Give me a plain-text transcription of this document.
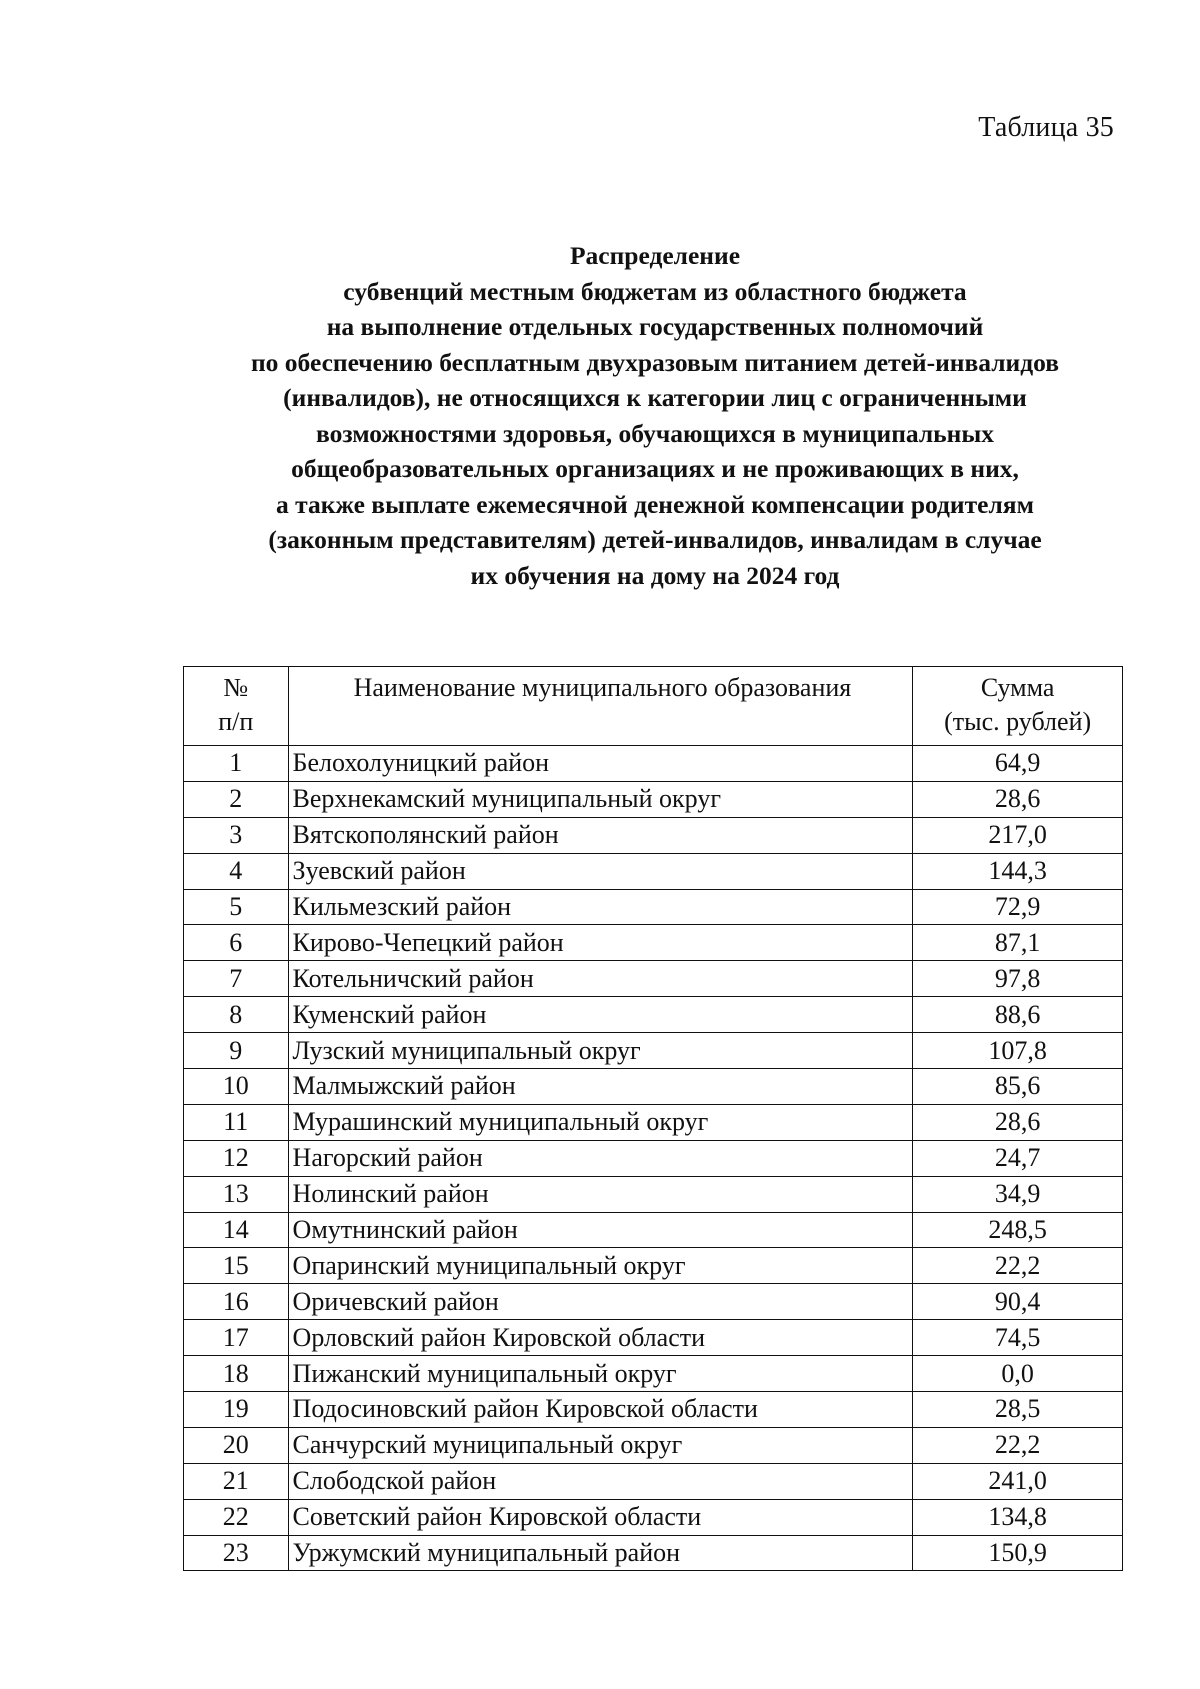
Таблица 35
Распределение
субвенций местным бюджетам из областного бюджета
на выполнение отдельных государственных полномочий
по обеспечению бесплатным двухразовым питанием детей-инвалидов
(инвалидов), не относящихся к категории лиц с ограниченными
возможностями здоровья, обучающихся в муниципальных
общеобразовательных организациях и не проживающих в них,
а также выплате ежемесячной денежной компенсации родителям
(законным представителям) детей-инвалидов, инвалидам в случае
их обучения на дому на 2024 год
№
п/п	Наименование муниципального образования	Сумма
(тыс. рублей)

1	Белохолуницкий район	64,9
2	Верхнекамский муниципальный округ	28,6
3	Вятскополянский район	217,0
4	Зуевский район	144,3
5	Кильмезский район	72,9
6	Кирово-Чепецкий район	87,1
7	Котельничский район	97,8
8	Куменский район	88,6
9	Лузский муниципальный округ	107,8
10	Малмыжский район	85,6
11	Мурашинский муниципальный округ	28,6
12	Нагорский район	24,7
13	Нолинский район	34,9
14	Омутнинский район	248,5
15	Опаринский муниципальный округ	22,2
16	Оричевский район	90,4
17	Орловский район Кировской области	74,5
18	Пижанский муниципальный округ	0,0
19	Подосиновский район Кировской области	28,5
20	Санчурский муниципальный округ	22,2
21	Слободской район	241,0
22	Советский район Кировской области	134,8
23	Уржумский муниципальный район	150,9
